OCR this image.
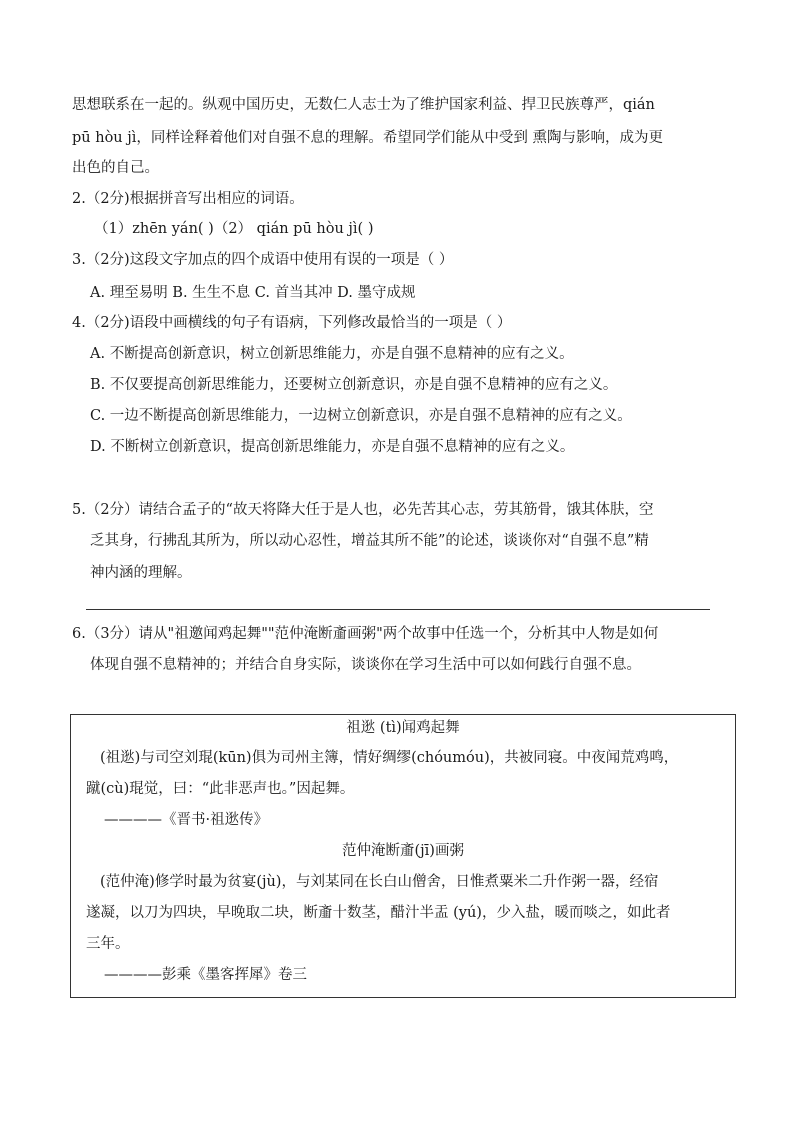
思想联系在一起的。纵观中国历史，无数仁人志士为了维护国家利益、捍卫民族尊严，qián
pū hòu jì，同样诠释着他们对自强不息的理解。希望同学们能从中受到 熏陶与影响，成为更
出色的自己。
2.（2分)根据拼音写出相应的词语。
（1）zhēn yán( )（2） qián pū hòu jì( )
3.（2分)这段文字加点的四个成语中使用有误的一项是（ ）
A. 理至易明 B. 生生不息 C. 首当其冲 D. 墨守成规
4.（2分)语段中画横线的句子有语病，下列修改最恰当的一项是（ ）
A. 不断提高创新意识，树立创新思维能力，亦是自强不息精神的应有之义。
B. 不仅要提高创新思维能力，还要树立创新意识，亦是自强不息精神的应有之义。
C. 一边不断提高创新思维能力，一边树立创新意识，亦是自强不息精神的应有之义。
D. 不断树立创新意识，提高创新思维能力，亦是自强不息精神的应有之义。
5.（2分）请结合孟子的“故天将降大任于是人也，必先苦其心志，劳其筋骨，饿其体肤，空
乏其身，行拂乱其所为，所以动心忍性，增益其所不能”的论述，谈谈你对“自强不息”精
神内涵的理解。
6.（3分）请从"祖邀闻鸡起舞""范仲淹断齑画粥"两个故事中任选一个，分析其中人物是如何
体现自强不息精神的；并结合自身实际，谈谈你在学习生活中可以如何践行自强不息。
祖逖 (tì)闻鸡起舞
(祖逖)与司空刘琨(kūn)俱为司州主簿，情好绸缪(chóumóu)，共被同寝。中夜闻荒鸡鸣，
蹴(cù)琨觉，曰：“此非恶声也。”因起舞。
————《晋书·祖逖传》
范仲淹断齑(jī)画粥
(范仲淹)修学时最为贫宴(jù)，与刘某同在长白山僧舍，日惟煮粟米二升作粥一器，经宿
遂凝，以刀为四块，早晚取二块，断齑十数茎，醋汁半盂 (yú)，少入盐，暖而啖之，如此者
三年。
————彭乘《墨客挥犀》卷三
